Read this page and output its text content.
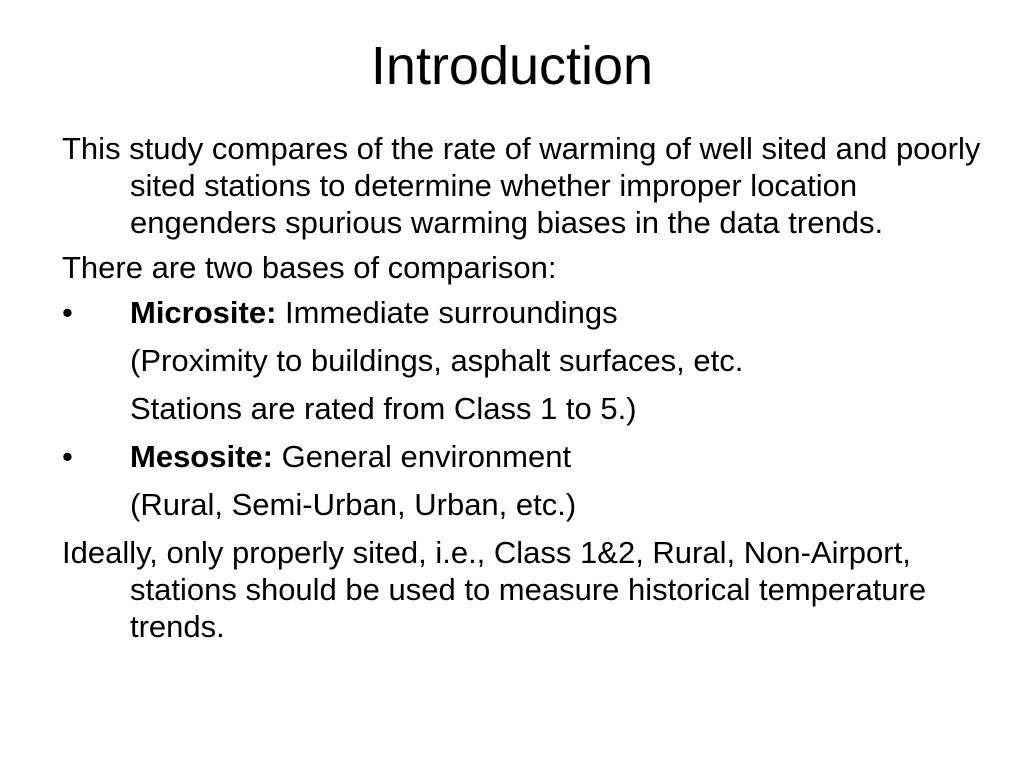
Introduction
This study compares of the rate of warming of well sited and poorly sited stations to determine whether improper location engenders spurious warming biases in the data trends.
There are two bases of comparison:
• Microsite: Immediate surroundings
(Proximity to buildings, asphalt surfaces, etc.
Stations are rated from Class 1 to 5.)
• Mesosite: General environment
(Rural, Semi-Urban, Urban, etc.)
Ideally, only properly sited, i.e., Class 1&2, Rural, Non-Airport, stations should be used to measure historical temperature trends.
